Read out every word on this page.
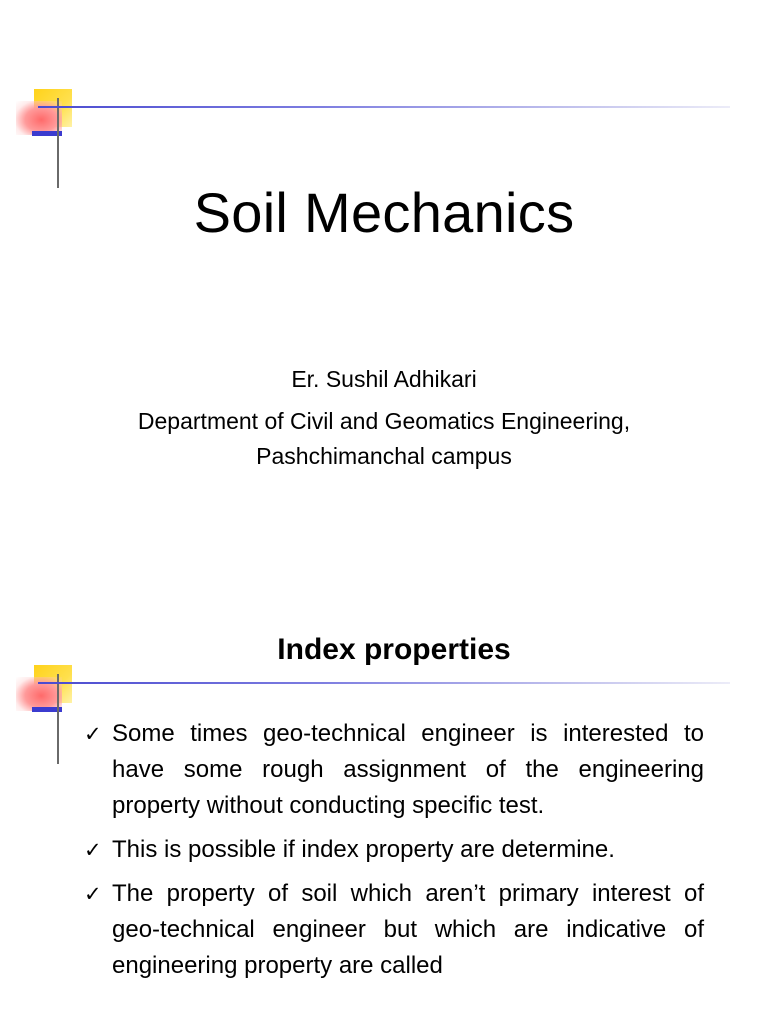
Soil Mechanics
Er. Sushil Adhikari
Department of Civil and Geomatics Engineering,
Pashchimanchal campus
Index properties
✓ Some times geo-technical engineer is interested to have some rough assignment of the engineering property without conducting specific test.
✓ This is possible if index property are determine.
✓ The property of soil which aren’t primary interest of geo-technical engineer but which are indicative of engineering property are called
